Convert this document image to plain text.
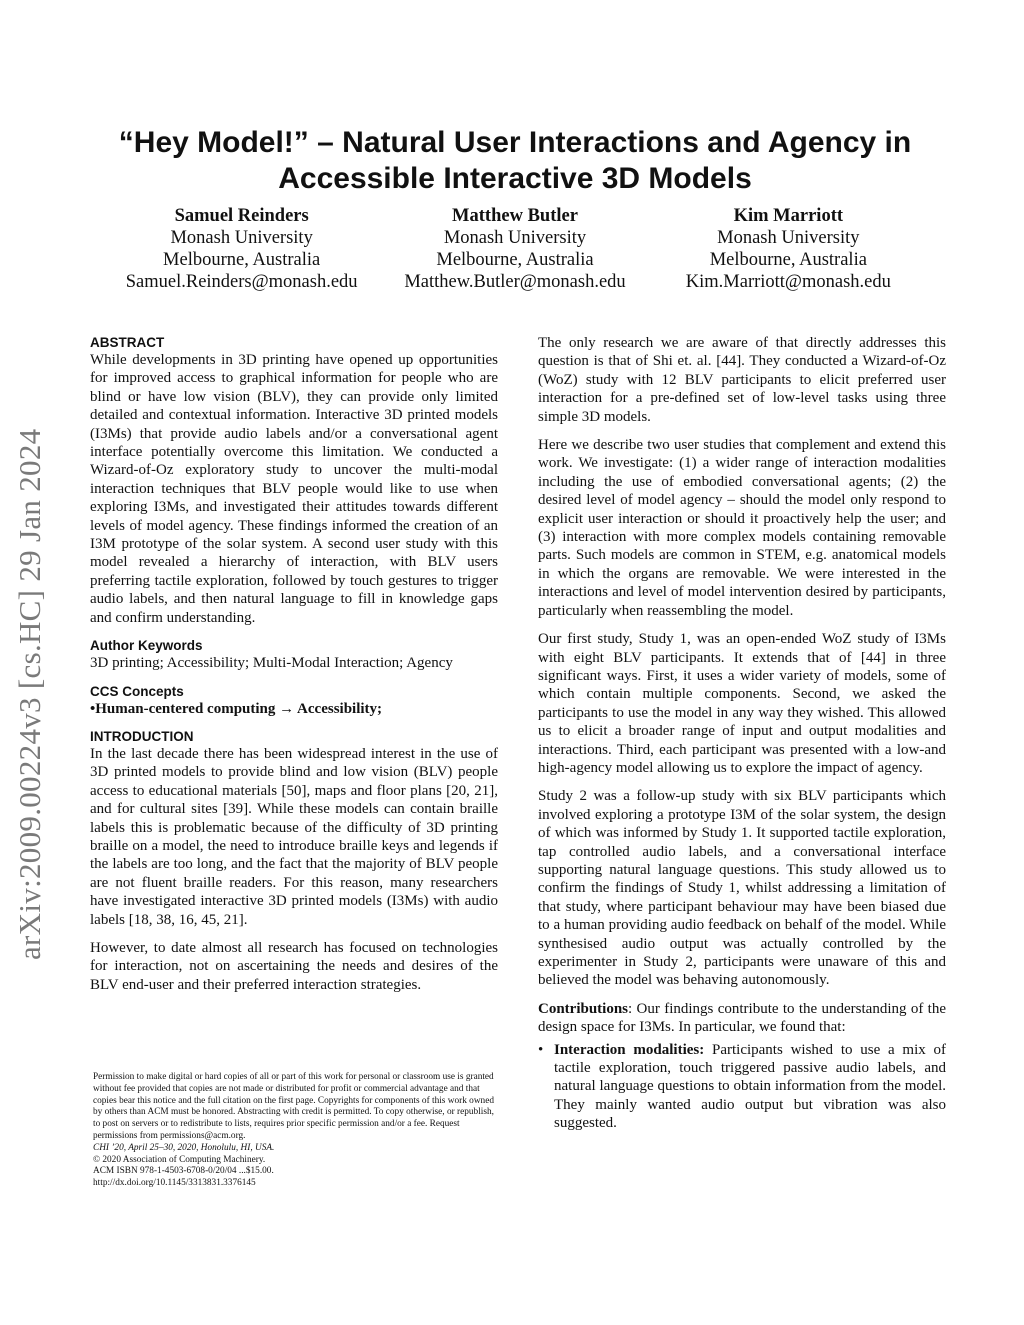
arXiv:2009.00224v3 [cs.HC] 29 Jan 2024
“Hey Model!” – Natural User Interactions and Agency in
Accessible Interactive 3D Models
Samuel Reinders
Monash University
Melbourne, Australia
Samuel.Reinders@monash.edu
Matthew Butler
Monash University
Melbourne, Australia
Matthew.Butler@monash.edu
Kim Marriott
Monash University
Melbourne, Australia
Kim.Marriott@monash.edu
ABSTRACT

While developments in 3D printing have opened up opportunities for improved access to graphical information for people who are blind or have low vision (BLV), they can provide only limited detailed and contextual information. Interactive 3D printed models (I3Ms) that provide audio labels and/or a conversational agent interface potentially overcome this limitation. We conducted a Wizard-of-Oz exploratory study to uncover the multi-modal interaction techniques that BLV people would like to use when exploring I3Ms, and investigated their attitudes towards different levels of model agency. These findings informed the creation of an I3M prototype of the solar system. A second user study with this model revealed a hierarchy of interaction, with BLV users preferring tactile exploration, followed by touch gestures to trigger audio labels, and then natural language to fill in knowledge gaps and confirm understanding.

Author Keywords

3D printing; Accessibility; Multi-Modal Interaction; Agency

CCS Concepts

•Human-centered computing → Accessibility;

INTRODUCTION

In the last decade there has been widespread interest in the use of 3D printed models to provide blind and low vision (BLV) people access to educational materials [50], maps and floor plans [20, 21], and for cultural sites [39]. While these models can contain braille labels this is problematic because of the difficulty of 3D printing braille on a model, the need to introduce braille keys and legends if the labels are too long, and the fact that the majority of BLV people are not fluent braille readers. For this reason, many researchers have investigated interactive 3D printed models (I3Ms) with audio labels [18, 38, 16, 45, 21].

However, to date almost all research has focused on technologies for interaction, not on ascertaining the needs and desires of the BLV end-user and their preferred interaction strategies.

Permission to make digital or hard copies of all or part of this work for personal or classroom use is granted without fee provided that copies are not made or distributed for profit or commercial advantage and that copies bear this notice and the full citation on the first page. Copyrights for components of this work owned by others than ACM must be honored. Abstracting with credit is permitted. To copy otherwise, or republish, to post on servers or to redistribute to lists, requires prior specific permission and/or a fee. Request permissions from permissions@acm.org.
CHI ’20, April 25–30, 2020, Honolulu, HI, USA.
© 2020 Association of Computing Machinery.
ACM ISBN 978-1-4503-6708-0/20/04 ...$15.00.
http://dx.doi.org/10.1145/3313831.3376145

The only research we are aware of that directly addresses this question is that of Shi et. al. [44]. They conducted a Wizard-of-Oz (WoZ) study with 12 BLV participants to elicit preferred user interaction for a pre-defined set of low-level tasks using three simple 3D models.

Here we describe two user studies that complement and extend this work. We investigate: (1) a wider range of interaction modalities including the use of embodied conversational agents; (2) the desired level of model agency – should the model only respond to explicit user interaction or should it proactively help the user; and (3) interaction with more complex models containing removable parts. Such models are common in STEM, e.g. anatomical models in which the organs are removable. We were interested in the interactions and level of model intervention desired by participants, particularly when reassembling the model.

Our first study, Study 1, was an open-ended WoZ study of I3Ms with eight BLV participants. It extends that of [44] in three significant ways. First, it uses a wider variety of models, some of which contain multiple components. Second, we asked the participants to use the model in any way they wished. This allowed us to elicit a broader range of input and output modalities and interactions. Third, each participant was presented with a low-and high-agency model allowing us to explore the impact of agency.

Study 2 was a follow-up study with six BLV participants which involved exploring a prototype I3M of the solar system, the design of which was informed by Study 1. It supported tactile exploration, tap controlled audio labels, and a conversational interface supporting natural language questions. This study allowed us to confirm the findings of Study 1, whilst addressing a limitation of that study, where participant behaviour may have been biased due to a human providing audio feedback on behalf of the model. While synthesised audio output was actually controlled by the experimenter in Study 2, participants were unaware of this and believed the model was behaving autonomously.

Contributions: Our findings contribute to the understanding of the design space for I3Ms. In particular, we found that:

• Interaction modalities: Participants wished to use a mix of tactile exploration, touch triggered passive audio labels, and natural language questions to obtain information from the model. They mainly wanted audio output but vibration was also suggested.
